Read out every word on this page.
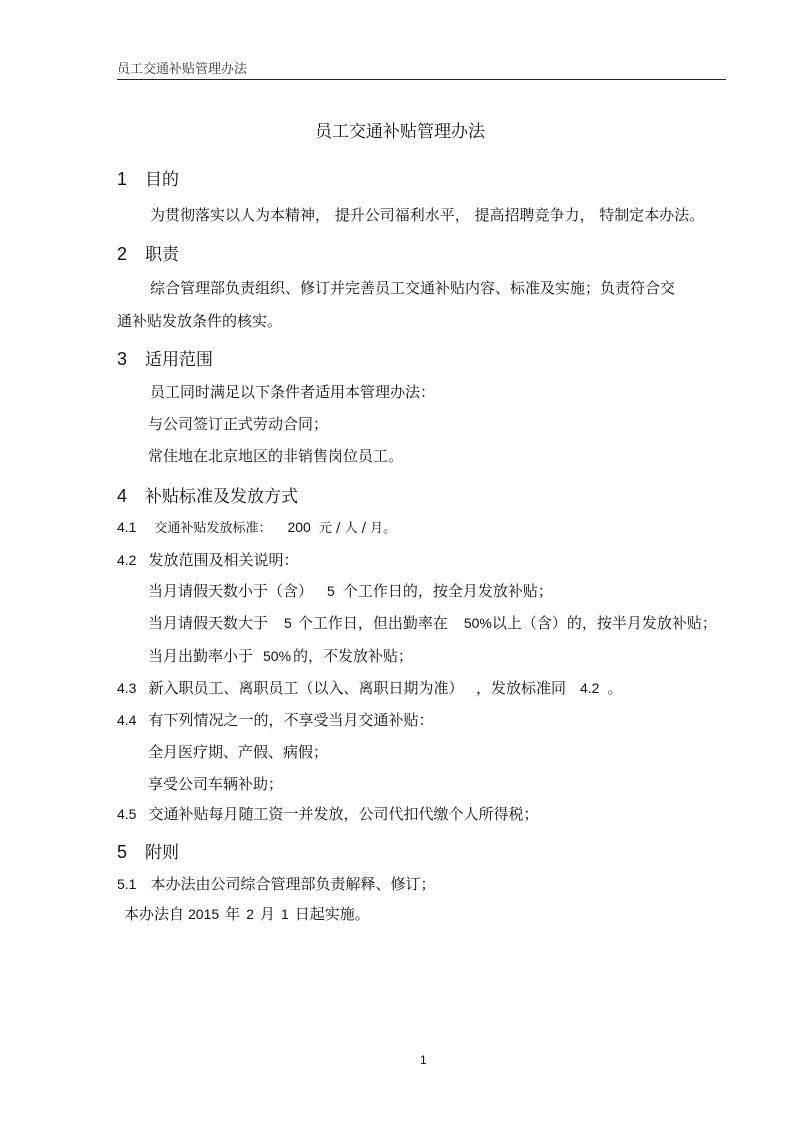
员工交通补贴管理办法
员工交通补贴管理办法
1 目的
为贯彻落实以人为本精神， 提升公司福利水平， 提高招聘竞争力， 特制定本办法。
2 职责
综合管理部负责组织、修订并完善员工交通补贴内容、标准及实施；负责符合交
通补贴发放条件的核实。
3 适用范围
员工同时满足以下条件者适用本管理办法：
与公司签订正式劳动合同；
常住地在北京地区的非销售岗位员工。
4 补贴标准及发放方式
4.1 交通补贴发放标准： 200 元 / 人 / 月。
4.2 发放范围及相关说明：
当月请假天数小于（含） 5 个工作日的，按全月发放补贴；
当月请假天数大于 5 个工作日，但出勤率在 50%以上（含）的，按半月发放补贴；
当月出勤率小于 50% 的，不发放补贴；
4.3 新入职员工、离职员工（以入、离职日期为准） ，发放标准同 4.2 。
4.4 有下列情况之一的，不享受当月交通补贴：
全月医疗期、产假、病假；
享受公司车辆补助；
4.5 交通补贴每月随工资一并发放，公司代扣代缴个人所得税；
5 附则
5.1 本办法由公司综合管理部负责解释、修订；
本办法自 2015 年 2 月 1 日起实施。
1
